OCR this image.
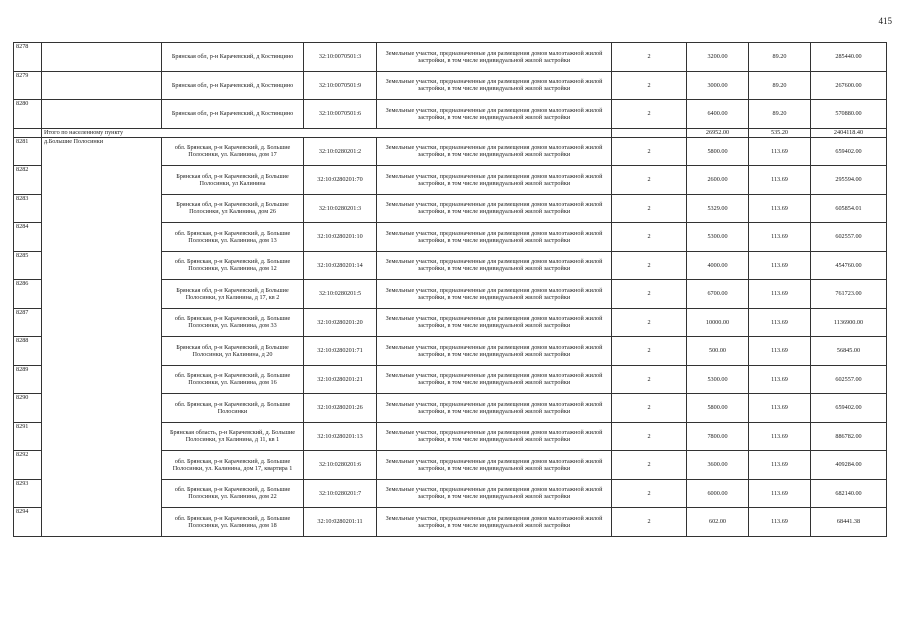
415
8278		Брянская обл, р-н Карачевский, д Костинцино	32:10:0070501:3	Земельные участки, предназначенные для размещения домов малоэтажной жилой застройки, в том числе индивидуальной жилой застройки	2	3200.00	89.20	285440.00
8279		Брянская обл, р-н Карачевский, д Костинцино	32:10:0070501:9	Земельные участки, предназначенные для размещения домов малоэтажной жилой застройки, в том числе индивидуальной жилой застройки	2	3000.00	89.20	267600.00
8280		Брянская обл, р-н Карачевский, д Костинцино	32:10:0070501:6	Земельные участки, предназначенные для размещения домов малоэтажной жилой застройки, в том числе индивидуальной жилой застройки	2	6400.00	89.20	570880.00
	Итого по населенному пункту					26952.00	535.20	2404118.40
8281	д.Большие Полосинки	обл. Брянская, р-н Карачевский, д. Большие Полосинки, ул. Калинина, дом 17	32:10:0280201:2	Земельные участки, предназначенные для размещения домов малоэтажной жилой застройки, в том числе индивидуальной жилой застройки	2	5800.00	113.69	659402.00
8282		Брянская обл, р-н Карачевский, д Большие Полосинки, ул Калинина	32:10:0280201:70	Земельные участки, предназначенные для размещения домов малоэтажной жилой застройки, в том числе индивидуальной жилой застройки	2	2600.00	113.69	295594.00
8283		Брянская обл, р-н Карачевский, д Большие Полосинки, ул Калинина, дом 26	32:10:0280201:3	Земельные участки, предназначенные для размещения домов малоэтажной жилой застройки, в том числе индивидуальной жилой застройки	2	5329.00	113.69	605854.01
8284		обл. Брянская, р-н Карачевский, д. Большие Полосинки, ул. Калинина, дом 13	32:10:0280201:10	Земельные участки, предназначенные для размещения домов малоэтажной жилой застройки, в том числе индивидуальной жилой застройки	2	5300.00	113.69	602557.00
8285		обл. Брянская, р-н Карачевский, д. Большие Полосинки, ул. Калинина, дом 12	32:10:0280201:14	Земельные участки, предназначенные для размещения домов малоэтажной жилой застройки, в том числе индивидуальной жилой застройки	2	4000.00	113.69	454760.00
8286		Брянская обл, р-н Карачевский, д Большие Полосинки, ул Калинина, д 17, кв 2	32:10:0280201:5	Земельные участки, предназначенные для размещения домов малоэтажной жилой застройки, в том числе индивидуальной жилой застройки	2	6700.00	113.69	761723.00
8287		обл. Брянская, р-н Карачевский, д. Большие Полосинки, ул. Калинина, дом 33	32:10:0280201:20	Земельные участки, предназначенные для размещения домов малоэтажной жилой застройки, в том числе индивидуальной жилой застройки	2	10000.00	113.69	1136900.00
8288		Брянская обл, р-н Карачевский, д Большие Полосинки, ул Калинина, д 20	32:10:0280201:71	Земельные участки, предназначенные для размещения домов малоэтажной жилой застройки, в том числе индивидуальной жилой застройки	2	500.00	113.69	56845.00
8289		обл. Брянская, р-н Карачевский, д. Большие Полосинки, ул. Калинина, дом 16	32:10:0280201:21	Земельные участки, предназначенные для размещения домов малоэтажной жилой застройки, в том числе индивидуальной жилой застройки	2	5300.00	113.69	602557.00
8290		обл. Брянская, р-н Карачевский, д. Большие Полосинки	32:10:0280201:26	Земельные участки, предназначенные для размещения домов малоэтажной жилой застройки, в том числе индивидуальной жилой застройки	2	5800.00	113.69	659402.00
8291		Брянская область, р-н Карачевский, д. Большие Полосинки, ул Калинина, д 11, кв 1	32:10:0280201:13	Земельные участки, предназначенные для размещения домов малоэтажной жилой застройки, в том числе индивидуальной жилой застройки	2	7800.00	113.69	886782.00
8292		обл. Брянская, р-н Карачевский, д. Большие Полосинки, ул. Калинина, дом 17, квартира 1	32:10:0280201:6	Земельные участки, предназначенные для размещения домов малоэтажной жилой застройки, в том числе индивидуальной жилой застройки	2	3600.00	113.69	409284.00
8293		обл. Брянская, р-н Карачевский, д. Большие Полосинки, ул. Калинина, дом 22	32:10:0280201:7	Земельные участки, предназначенные для размещения домов малоэтажной жилой застройки, в том числе индивидуальной жилой застройки	2	6000.00	113.69	682140.00
8294		обл. Брянская, р-н Карачевский, д. Большие Полосинки, ул. Калинина, дом 18	32:10:0280201:11	Земельные участки, предназначенные для размещения домов малоэтажной жилой застройки, в том числе индивидуальной жилой застройки	2	602.00	113.69	68441.38
